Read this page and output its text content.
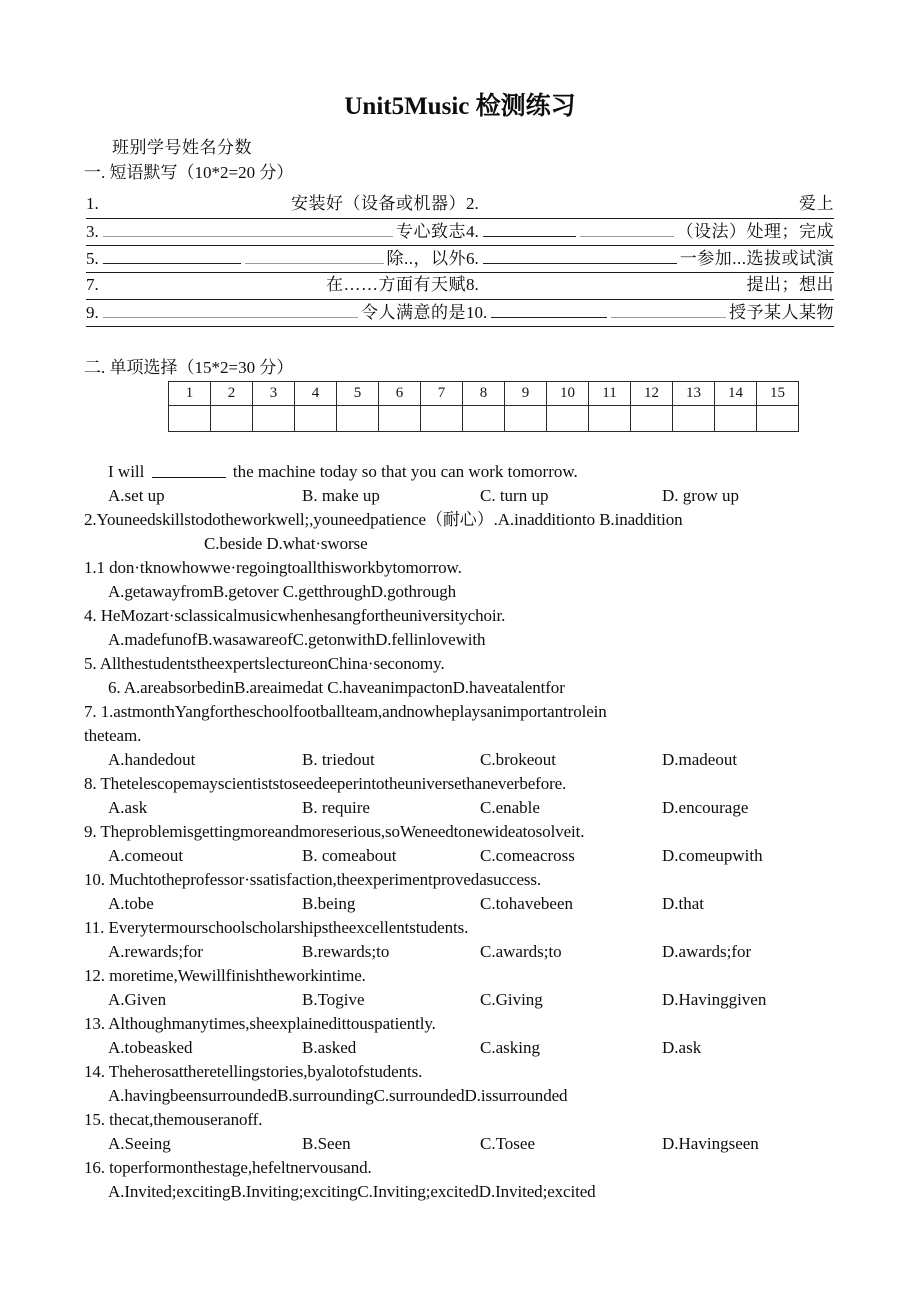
Unit5Music 检测练习
班别学号姓名分数
一. 短语默写（10*2=20 分）
1. 安装好（设备或机器）	2. 爱上

3. 专心致志	4. （设法）处理；完成

5. 除..，以外	6. 一参加...选拔或试演

7. 在……方面有天赋	8. 提出；想出

9. 令人满意的是	10. 授予某人某物
二. 单项选择（15*2=30 分）
1	2	3	4	5	6	7	8	9	10	11	12	13	14	15

I will	the machine today so that you can work tomorrow.
A.set up	B. make up	C. turn up	D. grow up
2.Youneedskillstodotheworkwell;,youneedpatience（耐心）.A.inadditionto B.inaddition
C.beside D.what·sworse
1.1 don·tknowhowwe·regoingtoallthisworkbytomorrow.
A.getawayfromB.getover C.getthroughD.gothrough
4. HeMozart·sclassicalmusicwhenhesangfortheuniversitychoir.
A.madefunofB.wasawareofC.getonwithD.fellinlovewith
5. AllthestudentstheexpertslectureonChina·seconomy.
6. A.areabsorbedinB.areaimedat C.haveanimpactonD.haveatalentfor
7. 1.astmonthYangfortheschoolfootballteam,andnowheplaysanimportantrolein
theteam.
A.handedout	B. triedout	C.brokeout	D.madeout
8. Thetelescopemayscientiststoseedeeperintotheuniversethaneverbefore.
A.ask	B. require	C.enable	D.encourage
9. Theproblemisgettingmoreandmoreserious,soWeneedtonewideatosolveit.
A.comeout	B. comeabout	C.comeacross	D.comeupwith
10. Muchtotheprofessor·ssatisfaction,theexperimentprovedasuccess.
A.tobe	B.being	C.tohavebeen	D.that
11. Everytermourschoolscholarshipstheexcellentstudents.
A.rewards;for	B.rewards;to	C.awards;to	D.awards;for
12. moretime,Wewillfinishtheworkintime.
A.Given	B.Togive	C.Giving	D.Havinggiven
13. Althoughmanytimes,sheexplainedittouspatiently.
A.tobeasked	B.asked	C.asking	D.ask
14. Theherosattheretellingstories,byalotofstudents.
A.havingbeensurroundedB.surroundingC.surroundedD.issurrounded
15. thecat,themouseranoff.
A.Seeing	B.Seen	C.Tosee	D.Havingseen
16. toperformonthestage,hefeltnervousand.
A.Invited;excitingB.Inviting;excitingC.Inviting;excitedD.Invited;excited
